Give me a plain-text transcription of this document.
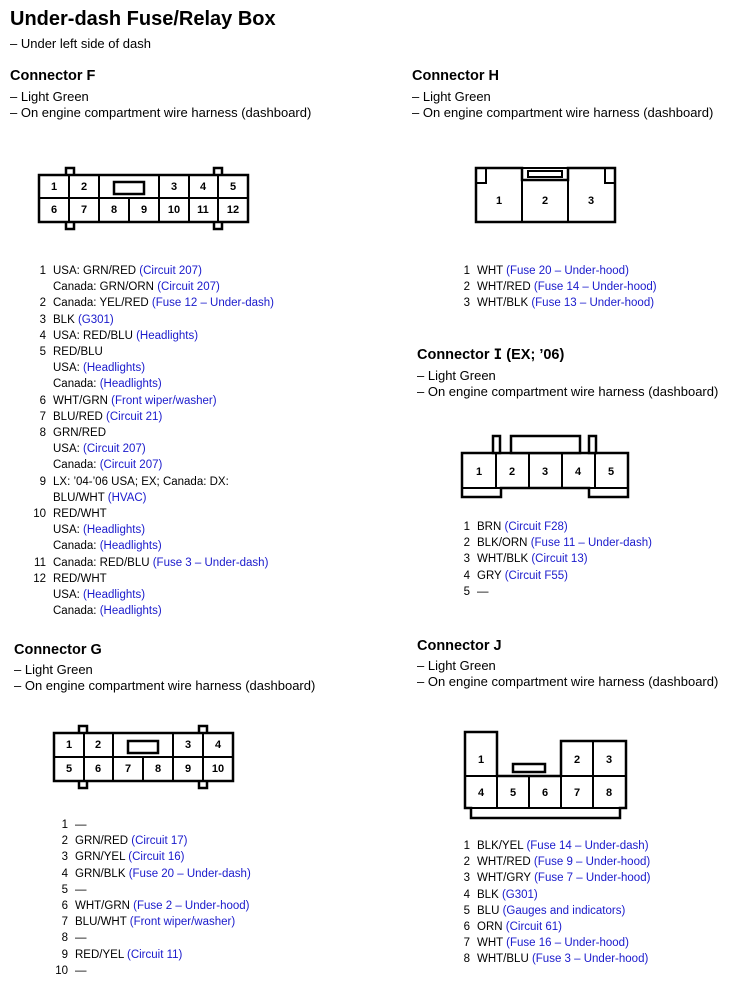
Under-dash Fuse/Relay Box
– Under left side of dash
Connector F
– Light Green
– On engine compartment wire harness (dashboard)
1 2	3 4 5
6 7 8 9 10 11 12
1 USA: GRN/RED (Circuit 207)
Canada: GRN/ORN (Circuit 207)
2 Canada: YEL/RED (Fuse 12 – Under-dash)
3 BLK (G301)
4 USA: RED/BLU (Headlights)
5 RED/BLU
USA: (Headlights)
Canada: (Headlights)
6 WHT/GRN (Front wiper/washer)
7 BLU/RED (Circuit 21)
8 GRN/RED
USA: (Circuit 207)
Canada: (Circuit 207)
9 LX: ’04-’06 USA; EX; Canada: DX:
BLU/WHT (HVAC)
10 RED/WHT
USA: (Headlights)
Canada: (Headlights)
11 Canada: RED/BLU (Fuse 3 – Under-dash)
12 RED/WHT
USA: (Headlights)
Canada: (Headlights)
Connector G
– Light Green
– On engine compartment wire harness (dashboard)
1 2	3 4
5 6 7 8 9 10
1 —
2 GRN/RED (Circuit 17)
3 GRN/YEL (Circuit 16)
4 GRN/BLK (Fuse 20 – Under-dash)
5 —
6 WHT/GRN (Fuse 2 – Under-hood)
7 BLU/WHT (Front wiper/washer)
8 —
9 RED/YEL (Circuit 11)
10 —
Connector H
– Light Green
– On engine compartment wire harness (dashboard)
1	2	3
1 WHT (Fuse 20 – Under-hood)
2 WHT/RED (Fuse 14 – Under-hood)
3 WHT/BLK (Fuse 13 – Under-hood)
Connector I (EX; ’06)
– Light Green
– On engine compartment wire harness (dashboard)
1 2 3 4 5
1 BRN (Circuit F28)
2 BLK/ORN (Fuse 11 – Under-dash)
3 WHT/BLK (Circuit 13)
4 GRY (Circuit F55)
5 —
Connector J
– Light Green
– On engine compartment wire harness (dashboard)
1	2 3
4 5 6 7 8
1 BLK/YEL (Fuse 14 – Under-dash)
2 WHT/RED (Fuse 9 – Under-hood)
3 WHT/GRY (Fuse 7 – Under-hood)
4 BLK (G301)
5 BLU (Gauges and indicators)
6 ORN (Circuit 61)
7 WHT (Fuse 16 – Under-hood)
8 WHT/BLU (Fuse 3 – Under-hood)
